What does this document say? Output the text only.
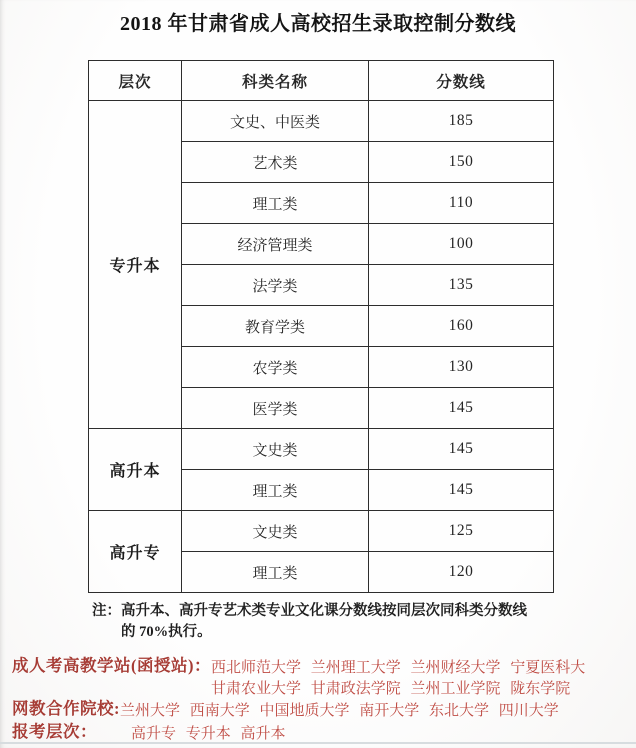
2018 年甘肃省成人高校招生录取控制分数线
层次	科类名称	分数线
专升本	文史、中医类	185
	艺术类	150
	理工类	110
	经济管理类	100
	法学类	135
	教育学类	160
	农学类	130
	医学类	145
高升本	文史类	145
	理工类	145
高升专	文史类	125
	理工类	120
注： 高升本、高升专艺术类专业文化课分数线按同层次同科类分数线
的 70%执行。
成人考高教学站(函授站)： 西北师范大学 兰州理工大学 兰州财经大学 宁夏医科大
甘肃农业大学 甘肃政法学院 兰州工业学院 陇东学院
网教合作院校: 兰州大学 西南大学 中国地质大学 南开大学 东北大学 四川大学
报考层次： 高升专 专升本 高升本
